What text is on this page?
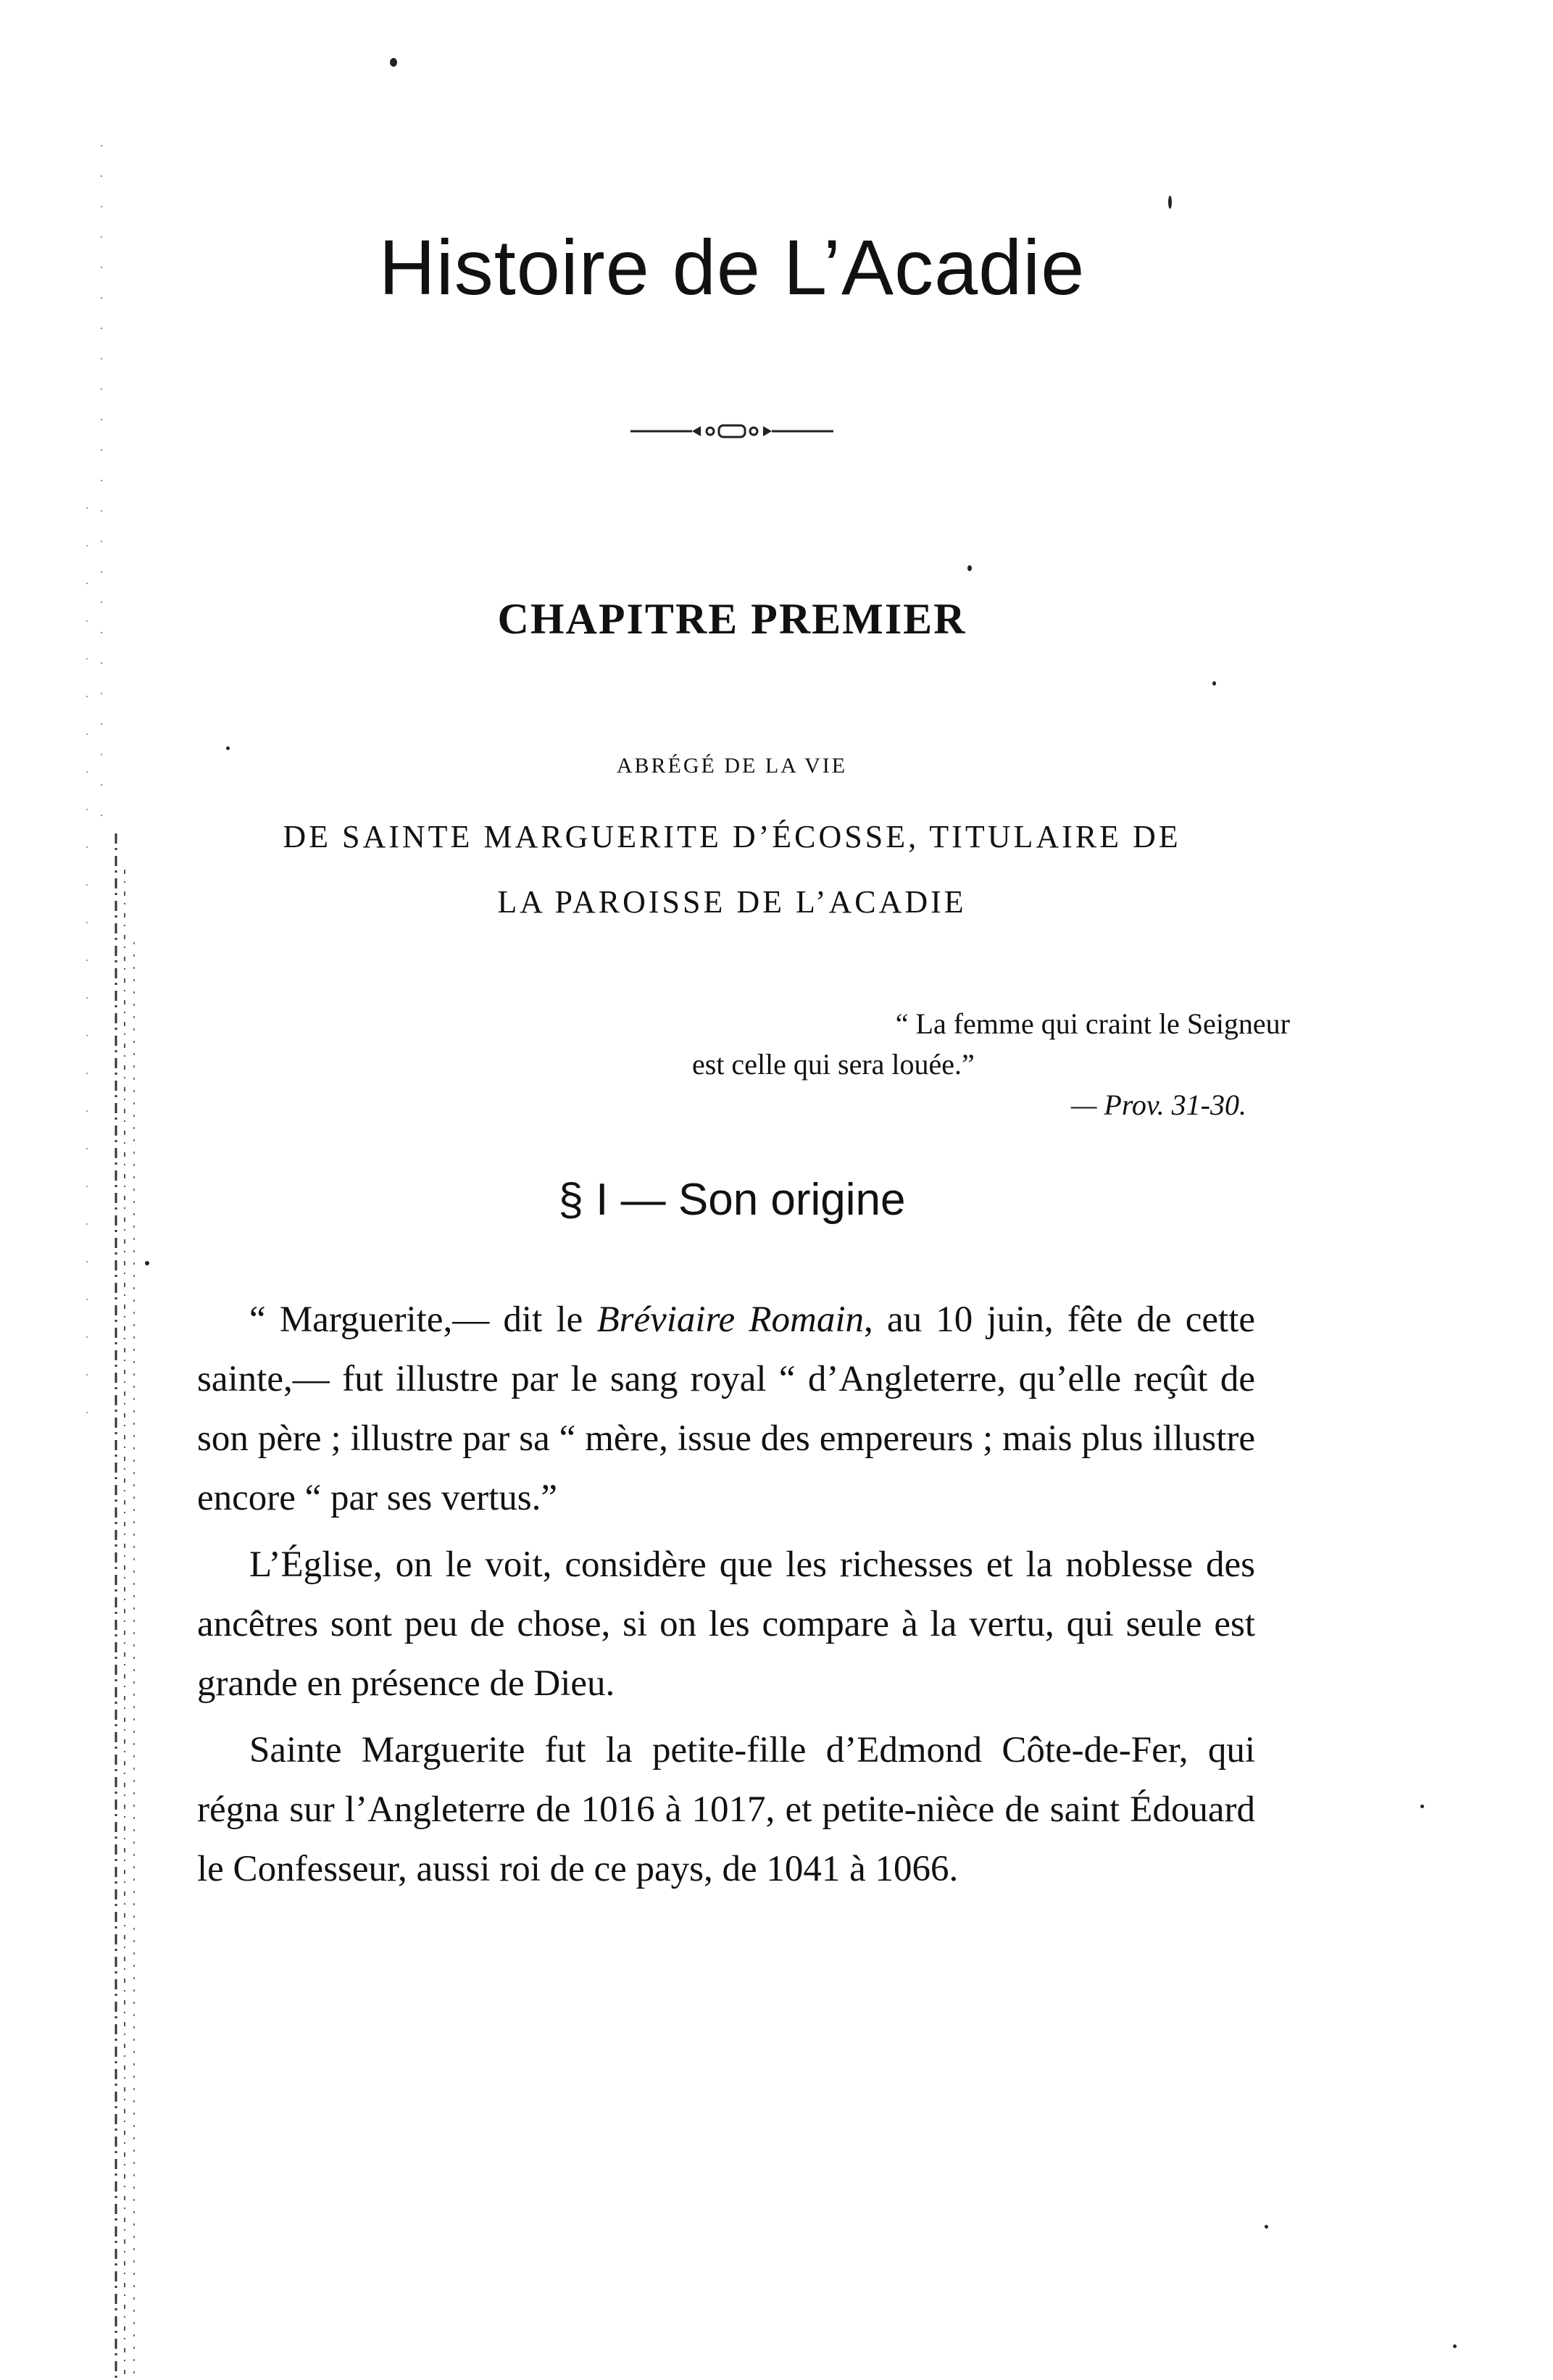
Histoire de L’Acadie
CHAPITRE PREMIER
ABRÉGÉ DE LA VIE
DE SAINTE MARGUERITE D’ÉCOSSE, TITULAIRE DE
LA PAROISSE DE L’ACADIE
“ La femme qui craint le Seigneur
est celle qui sera louée.”
— Prov. 31-30.
§ I — Son origine

“ Marguerite,— dit le Bréviaire Romain, au 10 juin, fête de cette sainte,— fut illustre par le sang royal “ d’Angleterre, qu’elle reçût de son père ; illustre par sa “ mère, issue des empereurs ; mais plus illustre encore “ par ses vertus.”

L’Église, on le voit, considère que les richesses et la noblesse des ancêtres sont peu de chose, si on les compare à la vertu, qui seule est grande en présence de Dieu.

Sainte Marguerite fut la petite-fille d’Edmond Côte-de-Fer, qui régna sur l’Angleterre de 1016 à 1017, et petite-nièce de saint Édouard le Confesseur, aussi roi de ce pays, de 1041 à 1066.
